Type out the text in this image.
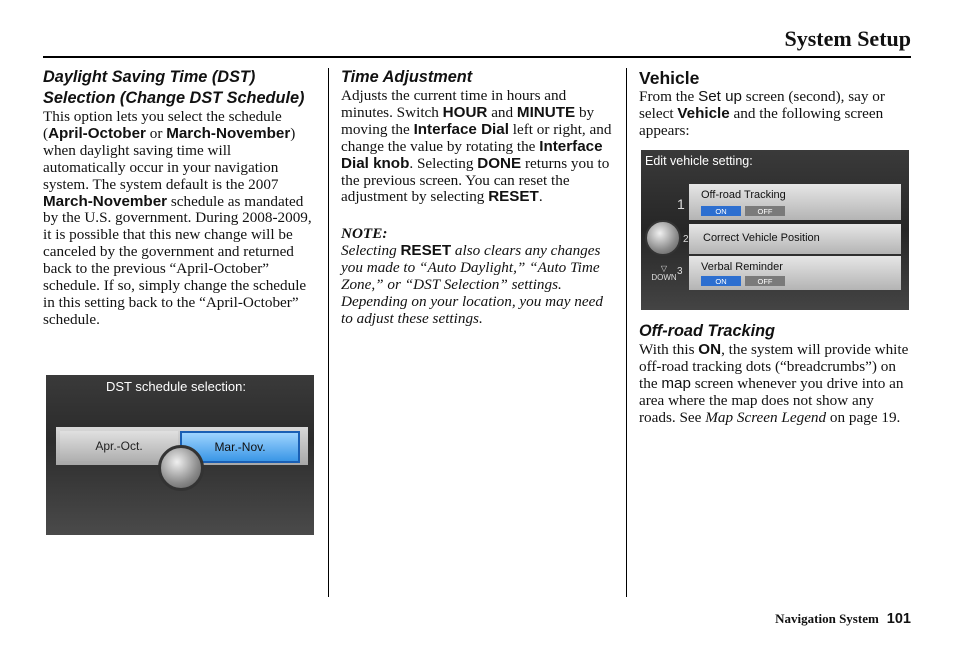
System Setup
Daylight Saving Time (DST) Selection (Change DST Schedule)

This option lets you select the schedule (April-October or March-November) when daylight saving time will automatically occur in your navigation system. The system default is the 2007 March-November schedule as mandated by the U.S. government. During 2008-2009, it is possible that this new change will be canceled by the government and returned back to the previous “April-October” schedule. If so, simply change the schedule in this setting back to the “April-October” schedule.

DST schedule selection:
Apr.-Oct.	Mar.-Nov.
Time Adjustment

Adjusts the current time in hours and minutes. Switch HOUR and MINUTE by moving the Interface Dial left or right, and change the value by rotating the Interface Dial knob. Selecting DONE returns you to the previous screen. You can reset the adjustment by selecting RESET.

NOTE:

Selecting RESET also clears any changes you made to “Auto Daylight,” “Auto Time Zone,” or “DST Selection” settings. Depending on your location, you may need to adjust these settings.

Vehicle

From the Set up screen (second), say or select Vehicle and the following screen appears:

Edit vehicle setting:
▽
DOWN
1
2
3
Off-road Tracking
ON	OFF
Correct Vehicle Position
Verbal Reminder
ON	OFF
Off-road Tracking

With this ON, the system will provide white off-road tracking dots (“breadcrumbs”) on the map screen whenever you drive into an area where the map does not show any roads. See Map Screen Legend on page 19.

Navigation System 101
